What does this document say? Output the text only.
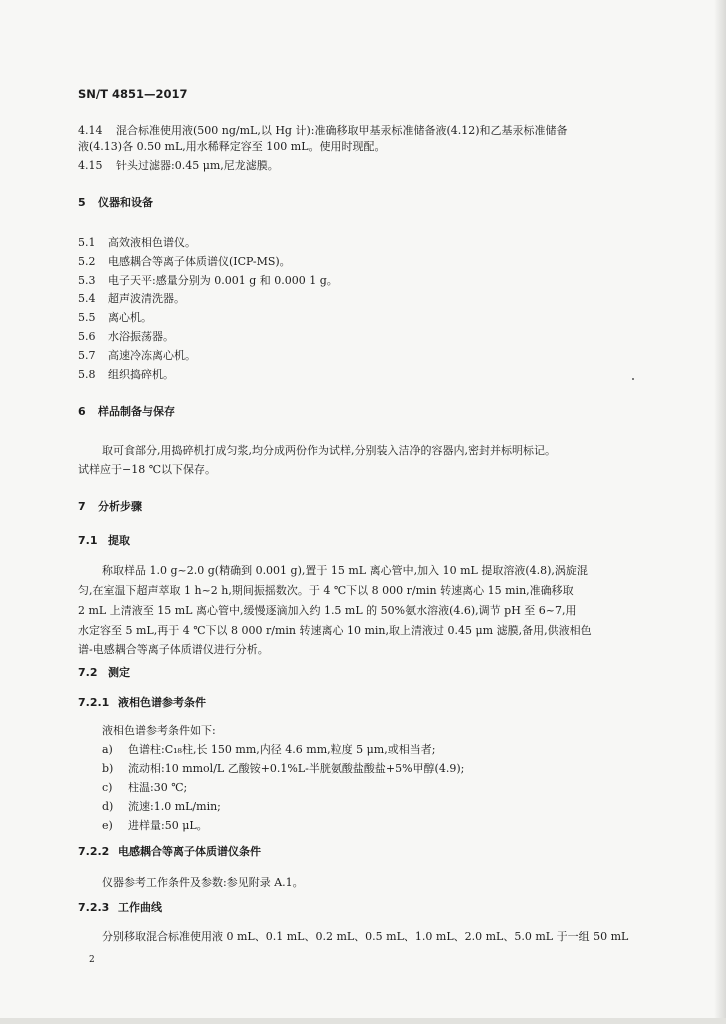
SN/T 4851—2017
4.14 混合标准使用液(500 ng/mL,以 Hg 计):准确移取甲基汞标准储备液(4.12)和乙基汞标准储备
液(4.13)各 0.50 mL,用水稀释定容至 100 mL。使用时现配。
4.15 针头过滤器:0.45 μm,尼龙滤膜。
5 仪器和设备
5.1 高效液相色谱仪。
5.2 电感耦合等离子体质谱仪(ICP-MS)。
5.3 电子天平:感量分别为 0.001 g 和 0.000 1 g。
5.4 超声波清洗器。
5.5 离心机。
5.6 水浴振荡器。
5.7 高速冷冻离心机。
5.8 组织捣碎机。
6 样品制备与保存
取可食部分,用捣碎机打成匀浆,均分成两份作为试样,分别装入洁净的容器内,密封并标明标记。
试样应于−18 ℃以下保存。
7 分析步骤
7.1 提取
称取样品 1.0 g~2.0 g(精确到 0.001 g),置于 15 mL 离心管中,加入 10 mL 提取溶液(4.8),涡旋混
匀,在室温下超声萃取 1 h~2 h,期间振摇数次。于 4 ℃下以 8 000 r/min 转速离心 15 min,准确移取
2 mL 上清液至 15 mL 离心管中,缓慢逐滴加入约 1.5 mL 的 50%氨水溶液(4.6),调节 pH 至 6~7,用
水定容至 5 mL,再于 4 ℃下以 8 000 r/min 转速离心 10 min,取上清液过 0.45 μm 滤膜,备用,供液相色
谱-电感耦合等离子体质谱仪进行分析。
7.2 测定
7.2.1 液相色谱参考条件
液相色谱参考条件如下:
a) 色谱柱:C₁₈柱,长 150 mm,内径 4.6 mm,粒度 5 μm,或相当者;
b) 流动相:10 mmol/L 乙酸铵+0.1%L-半胱氨酸盐酸盐+5%甲醇(4.9);
c) 柱温:30 ℃;
d) 流速:1.0 mL/min;
e) 进样量:50 μL。
7.2.2 电感耦合等离子体质谱仪条件
仪器参考工作条件及参数:参见附录 A.1。
7.2.3 工作曲线
分别移取混合标准使用液 0 mL、0.1 mL、0.2 mL、0.5 mL、1.0 mL、2.0 mL、5.0 mL 于一组 50 mL
2
